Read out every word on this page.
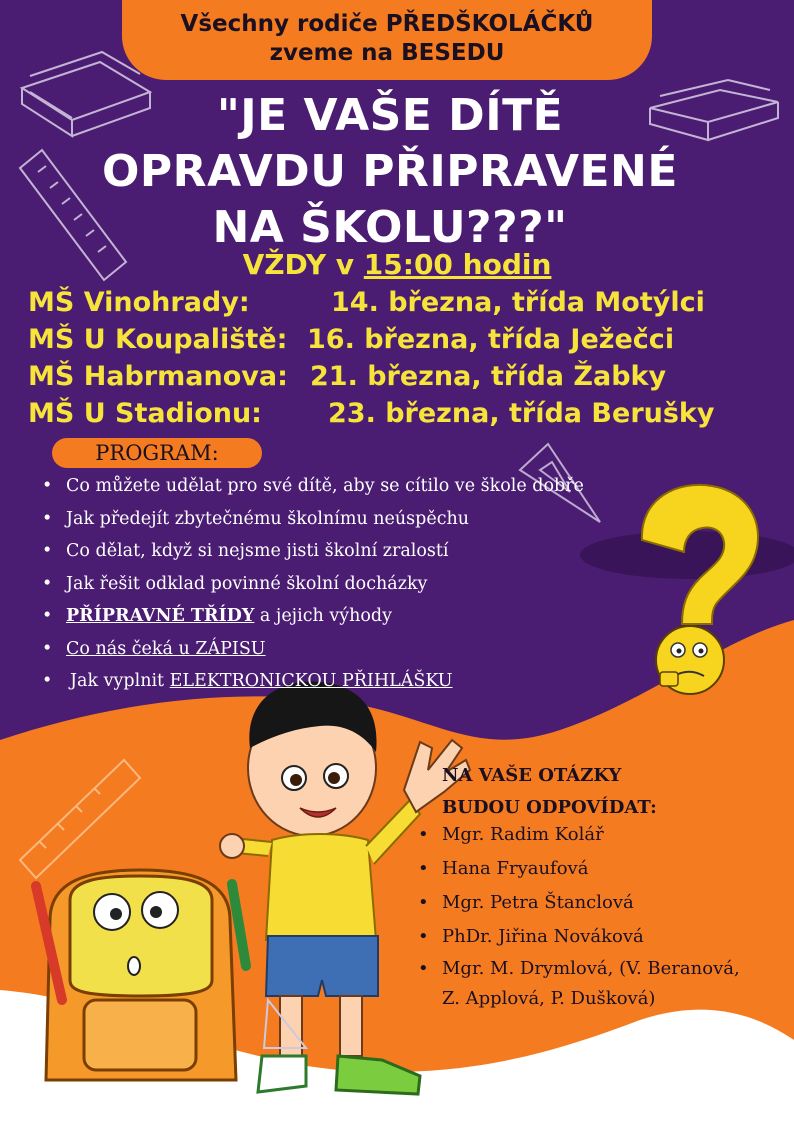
Všechny rodiče PŘEDŠKOLÁČKŮ
zveme na BESEDU
"JE VAŠE DÍTĚ
OPRAVDU PŘIPRAVENÉ
NA ŠKOLU???"
VŽDY v 15:00 hodin
MŠ Vinohrady:	14. března, třída Motýlci
MŠ U Koupaliště: 16. března, třída Ježečci
MŠ Habrmanova: 21. března, třída Žabky
MŠ U Stadionu: 23. března, třída Berušky
PROGRAM:
• Co můžete udělat pro své dítě, aby se cítilo ve škole dobře
• Jak předejít zbytečnému školnímu neúspěchu
• Co dělat, když si nejsme jisti školní zralostí
• Jak řešit odklad povinné školní docházky
• PŘÍPRAVNÉ TŘÍDY a jejich výhody
• Co nás čeká u ZÁPISU
• Jak vyplnit ELEKTRONICKOU PŘIHLÁŠKU
NA VAŠE OTÁZKY
BUDOU ODPOVÍDAT:
• Mgr. Radim Kolář
• Hana Fryaufová
• Mgr. Petra Štanclová
• PhDr. Jiřina Nováková
• Mgr. M. Drymlová, (V. Beranová,
Z. Applová, P. Dušková)
